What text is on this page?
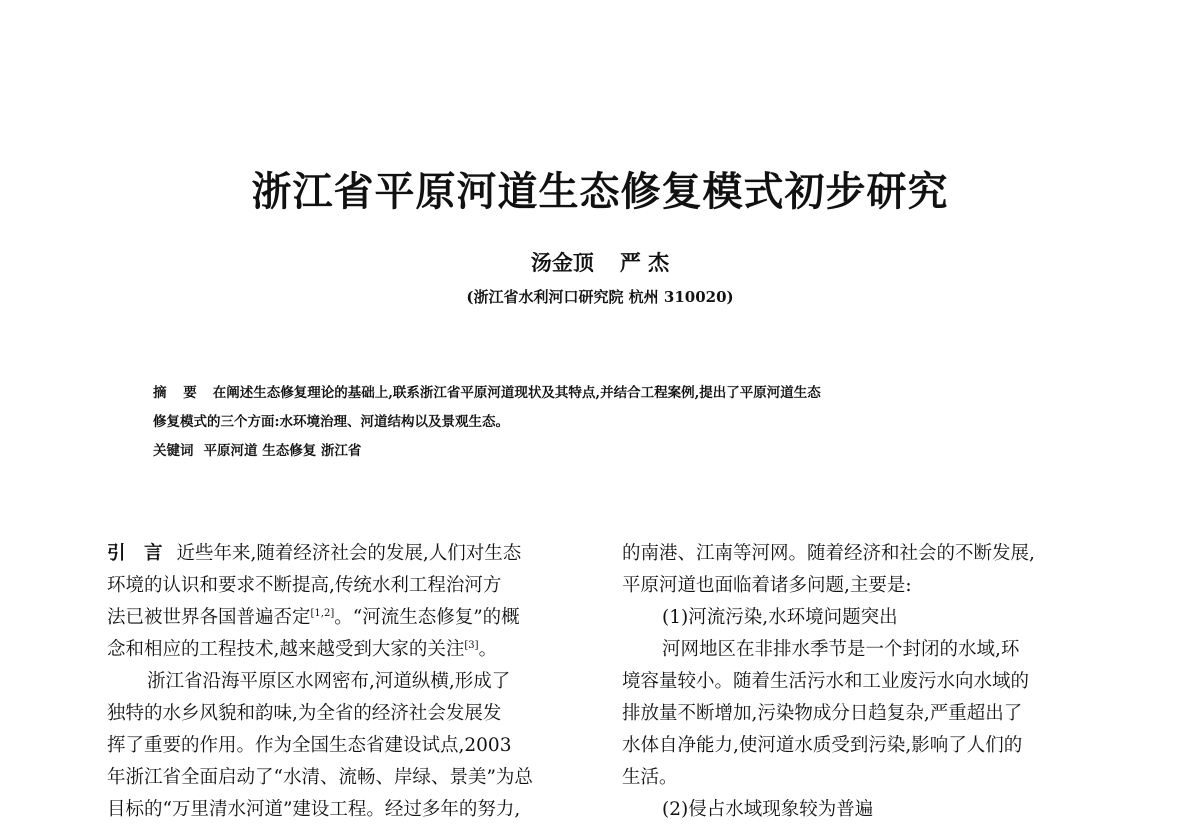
浙江省平原河道生态修复模式初步研究
汤金顶 严 杰
(浙江省水利河口研究院 杭州 310020)
摘 要 在阐述生态修复理论的基础上,联系浙江省平原河道现状及其特点,并结合工程案例,提出了平原河道生态
修复模式的三个方面:水环境治理、河道结构以及景观生态。
关键词 平原河道 生态修复 浙江省

引 言 近些年来,随着经济社会的发展,人们对生态

环境的认识和要求不断提高,传统水利工程治河方

法已被世界各国普遍否定[1,2]。“河流生态修复”的概

念和相应的工程技术,越来越受到大家的关注[3]。

浙江省沿海平原区水网密布,河道纵横,形成了

独特的水乡风貌和韵味,为全省的经济社会发展发

挥了重要的作用。作为全国生态省建设试点,2003

年浙江省全面启动了“水清、流畅、岸绿、景美”为总

目标的“万里清水河道”建设工程。经过多年的努力,

的南港、江南等河网。随着经济和社会的不断发展,

平原河道也面临着诸多问题,主要是:

(1)河流污染,水环境问题突出

河网地区在非排水季节是一个封闭的水域,环

境容量较小。随着生活污水和工业废污水向水域的

排放量不断增加,污染物成分日趋复杂,严重超出了

水体自净能力,使河道水质受到污染,影响了人们的

生活。

(2)侵占水域现象较为普遍
